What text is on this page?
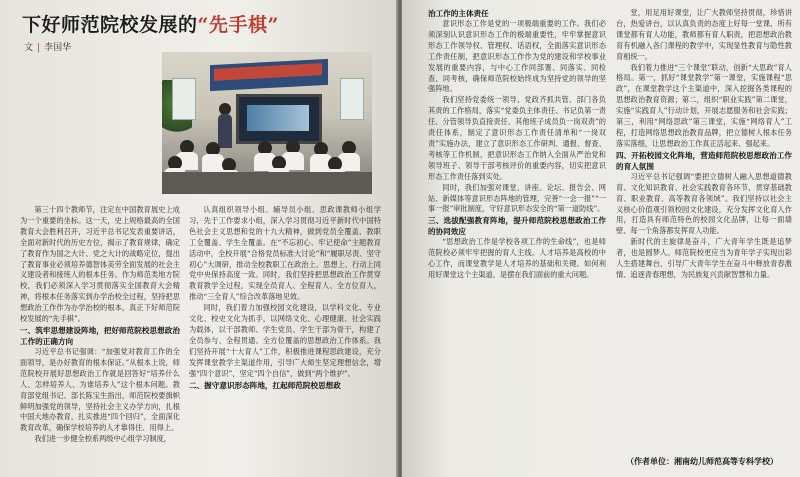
下好师范院校发展的“先手棋”
文 | 李国华

第三十四个教师节，注定在中国教育展史上成为一个重要的坐标。这一天，史上规格最高的全国教育大会胜利召开，习近平总书记发表重要讲话，全面对新时代的历史方位，揭示了教育规律，确定了教育作为国之大计、党之大计的战略定位，提出了教育事业必须培养德智体美劳全面发展的社会主义建设者和接班人的根本任务。作为师范类地方院校，我们必须深入学习贯彻落实全国教育大会精神，将根本任务落实到办学治校全过程，坚持把思想政治工作作为办学治校的根本，真正下好师范院校发展的“先手棋”。

一、筑牢思想建设阵地，把好师范院校思想政治工作的正确方向

习近平总书记强调：“加强党对教育工作的全面领导，是办好教育的根本保证。”从根本上说，师范院校开展好思想政治工作就是回答好“培养什么人、怎样培养人、为谁培养人”这个根本问题。教育部党组书记、部长陈宝生指出，师范院校要旗帜鲜明加强党的领导，坚持社会主义办学方向，扎根中国大地办教育，扎实推进“四个回归”，全面深化教育改革，确保学校培养的人才靠得住、用得上。

我们进一步健全校系两级中心组学习制度，

认真组织领导小组、辅导员小组、思政课教师小组学习，先于工作要求小组，深入学习贯彻习近平新时代中国特色社会主义思想和党的十九大精神，做到党员全覆盖、教职工全覆盖、学生全覆盖。在“不忘初心、牢记使命”主题教育活动中，全校开展“合格党员标准大讨论”和“履职尽责、坚守初心”大调研，推动全校教职工在政治上、思想上、行动上同党中央保持高度一致。同时，我们坚持把思想政治工作贯穿教育教学全过程，实现全员育人、全程育人、全方位育人，推动“三全育人”综合改革落地见效。

同时，我们着力加强校园文化建设，以学科文化、专业文化、校史文化为抓手，以网络文化、心理健康、社会实践为载体，以干部教师、学生党员、学生干部为骨干，构建了全员参与、全程贯通、全方位覆盖的思想政治工作体系。我们坚持开展“十大育人”工作，积极推进课程思政建设，充分发挥课堂教学主渠道作用，引导广大师生坚定理想信念，增强“四个意识”，坚定“四个自信”，做到“两个维护”。

二、握守意识形态阵地，扛起师范院校思想政

治工作的主体责任

意识形态工作是党的一项极端重要的工作。我们必须深刻认识意识形态工作的极端重要性，牢牢掌握意识形态工作领导权、管理权、话语权，全面落实意识形态工作责任制，把意识形态工作作为党的建设和学校事业发展的重要内容，与中心工作同部署、同落实、同检查、同考核，确保师范院校始终成为坚持党的领导的坚强阵地。

我们坚持党委统一领导、党政齐抓共管、部门各负其责的工作格局，落实“党委负主体责任、书记负第一责任、分管领导负直接责任、其他班子成员负一岗双责”的责任体系，制定了意识形态工作责任清单和“一岗双责”实施办法，建立了意识形态工作研判、通报、督查、考核等工作机制，把意识形态工作纳入全面从严治党和领导班子、领导干部考核评价的重要内容，切实把意识形态工作责任落到实处。

同时，我们加强对课堂、讲座、论坛、报告会、网站、新媒体等意识形态阵地的管理，完善“一会一报”“一事一报”审批制度，守好意识形态安全的“第一道防线”。

三、选拔配强教育阵地，提升师范院校思想政治工作的协同效应

“思想政治工作是学校各项工作的生命线”，也是师范院校必须牢牢把握的育人主线。人才培养是高校的中心工作，而课堂教学是人才培养的基础和关键。如何利用好课堂这个主渠道，是摆在我们面前的重大问题。

堂，用足用好课堂，让广大教师坚持贯彻，珍惜讲台，热爱讲台，以认真负责的态度上好每一堂课，所有课堂都有育人功能，教师都有育人职责，把思想政治教育有机融入各门课程的教学中，实现显性教育与隐性教育相统一。

我们着力推进“三个课堂”联动，创新“大思政”育人格局。第一，抓好“课堂教学”第一课堂，实施课程“思政”，在课堂教学这个主渠道中，深入挖掘各类课程的思想政治教育资源；第二，组织“职业实践”第二课堂，实施“实践育人”行动计划，开展志愿服务和社会实践；第三，利用“网络思政”第三课堂，实施“网络育人”工程，打造网络思想政治教育品牌，把立德树人根本任务落实落细，让思想政治工作真正活起来、强起来。

四、开拓校园文化阵地，营造师范院校思想政治工作的育人氛围

习近平总书记强调“要把立德树人融入思想道德教育、文化知识教育、社会实践教育各环节，贯穿基础教育、职业教育、高等教育各领域”。我们坚持以社会主义核心价值观引领校园文化建设，充分发挥文化育人作用，打造具有师范特色的校园文化品牌，让每一面墙壁、每一个角落都发挥育人功能。

新时代的主旋律是奋斗，广大青年学生既是追梦者，也是圆梦人。师范院校更应当为青年学子实现出彩人生搭建舞台，引导广大青年学生在奋斗中释放青春激情、追逐青春理想，为民族复兴贡献智慧和力量。

（作者单位：湘南幼儿师范高等专科学校）
